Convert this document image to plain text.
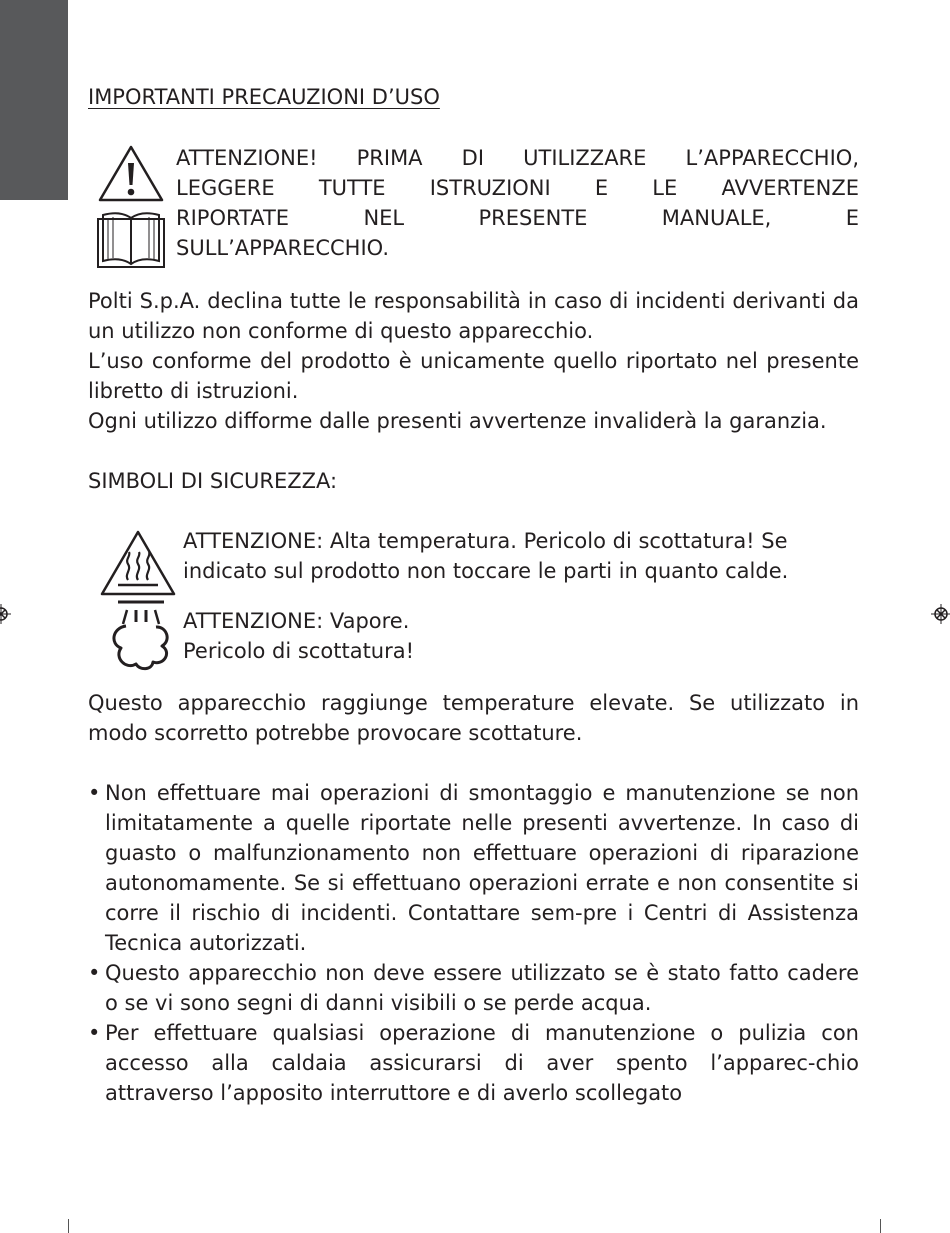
IMPORTANTI PRECAUZIONI D’USO
ATTENZIONE! PRIMA DI UTILIZZARE L’APPARECCHIO,
LEGGERE TUTTE ISTRUZIONI E LE AVVERTENZE
RIPORTATE NEL PRESENTE MANUALE, E
SULL’APPARECCHIO.

Polti S.p.A. declina tutte le responsabilità in caso di incidenti derivanti da un utilizzo non conforme di questo apparecchio.

L’uso conforme del prodotto è unicamente quello riportato nel presente libretto di istruzioni.

Ogni utilizzo difforme dalle presenti avvertenze invaliderà la garanzia.

SIMBOLI DI SICUREZZA:

ATTENZIONE: Alta temperatura. Pericolo di scottatura! Se indicato sul prodotto non toccare le parti in quanto calde.
ATTENZIONE: Vapore.
Pericolo di scottatura!

Questo apparecchio raggiunge temperature elevate. Se utilizzato in modo scorretto potrebbe provocare scottature.

• Non effettuare mai operazioni di smontaggio e manutenzione se non limitatamente a quelle riportate nelle presenti avvertenze. In caso di guasto o malfunzionamento non effettuare operazioni di riparazione autonomamente. Se si effettuano operazioni errate e non consentite si corre il rischio di incidenti. Contattare sem-pre i Centri di Assistenza Tecnica autorizzati.
• Questo apparecchio non deve essere utilizzato se è stato fatto cadere o se vi sono segni di danni visibili o se perde acqua.
• Per effettuare qualsiasi operazione di manutenzione o pulizia con accesso alla caldaia assicurarsi di aver spento l’apparec-chio attraverso l’apposito interruttore e di averlo scollegato
